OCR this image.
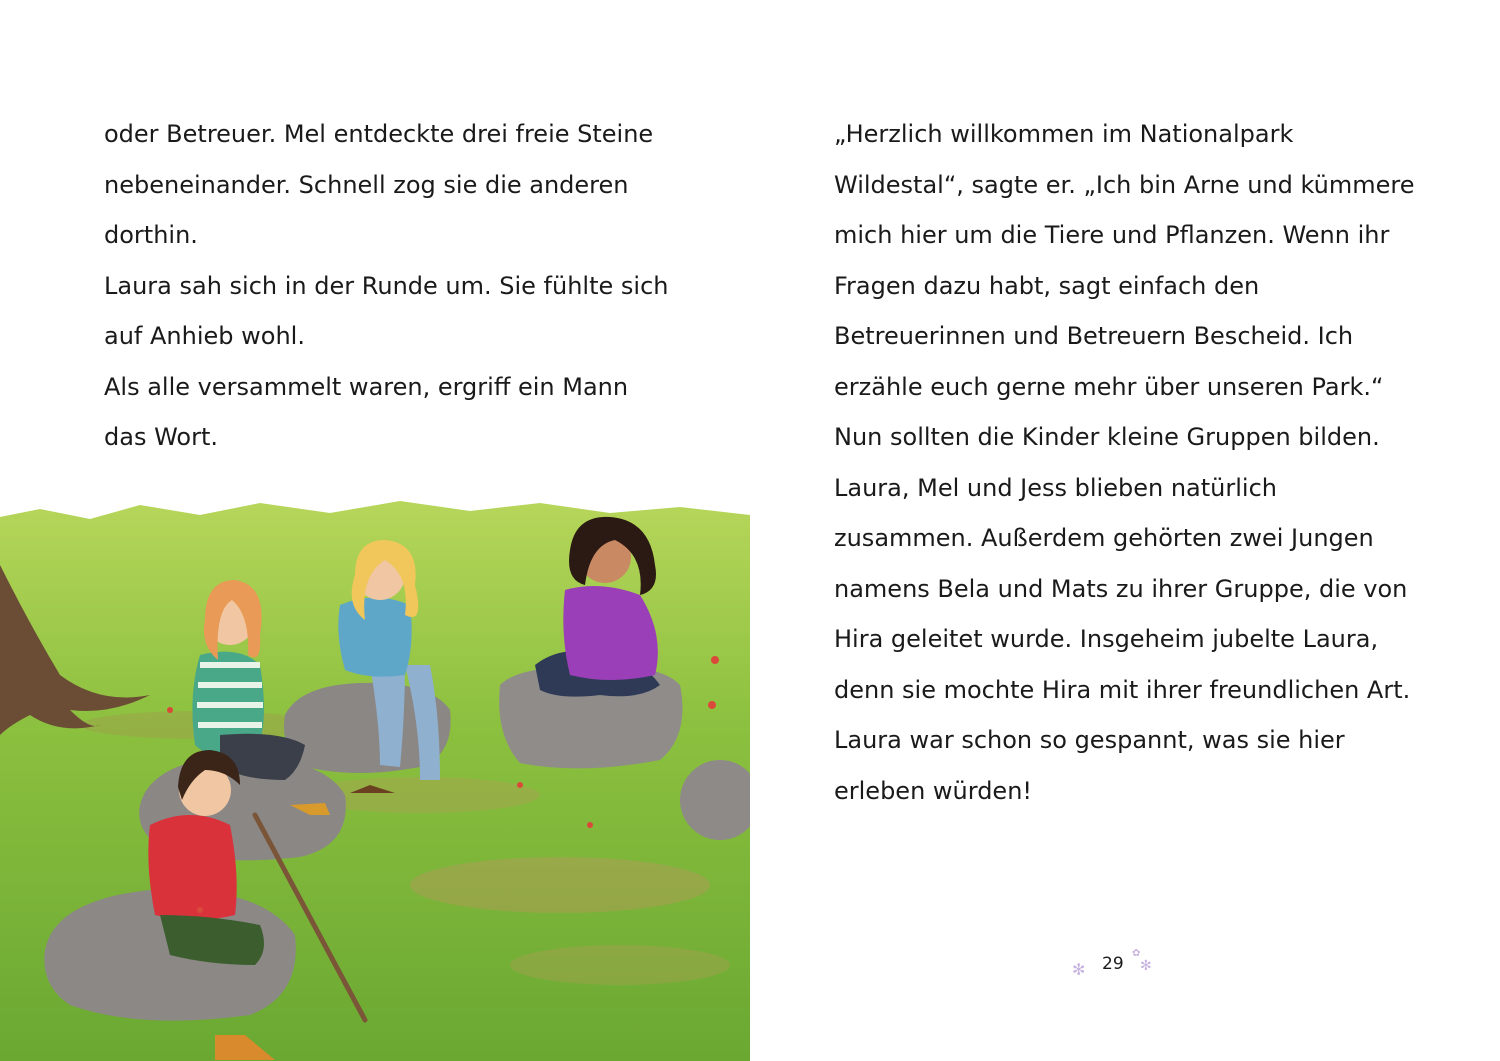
oder Betreuer. Mel entdeckte drei freie Steine
nebeneinander. Schnell zog sie die anderen
dorthin.
Laura sah sich in der Runde um. Sie fühlte sich
auf Anhieb wohl.
Als alle versammelt waren, ergriff ein Mann
das Wort.
„Herzlich willkommen im Nationalpark
Wildestal“, sagte er. „Ich bin Arne und kümmere
mich hier um die Tiere und Pflanzen. Wenn ihr
Fragen dazu habt, sagt einfach den
Betreuerinnen und Betreuern Bescheid. Ich
erzähle euch gerne mehr über unseren Park.“
Nun sollten die Kinder kleine Gruppen bilden.
Laura, Mel und Jess blieben natürlich
zusammen. Außerdem gehörten zwei Jungen
namens Bela und Mats zu ihrer Gruppe, die von
Hira geleitet wurde. Insgeheim jubelte Laura,
denn sie mochte Hira mit ihrer freundlichen Art.
Laura war schon so gespannt, was sie hier
erleben würden!
✻ 29
✿
✻
